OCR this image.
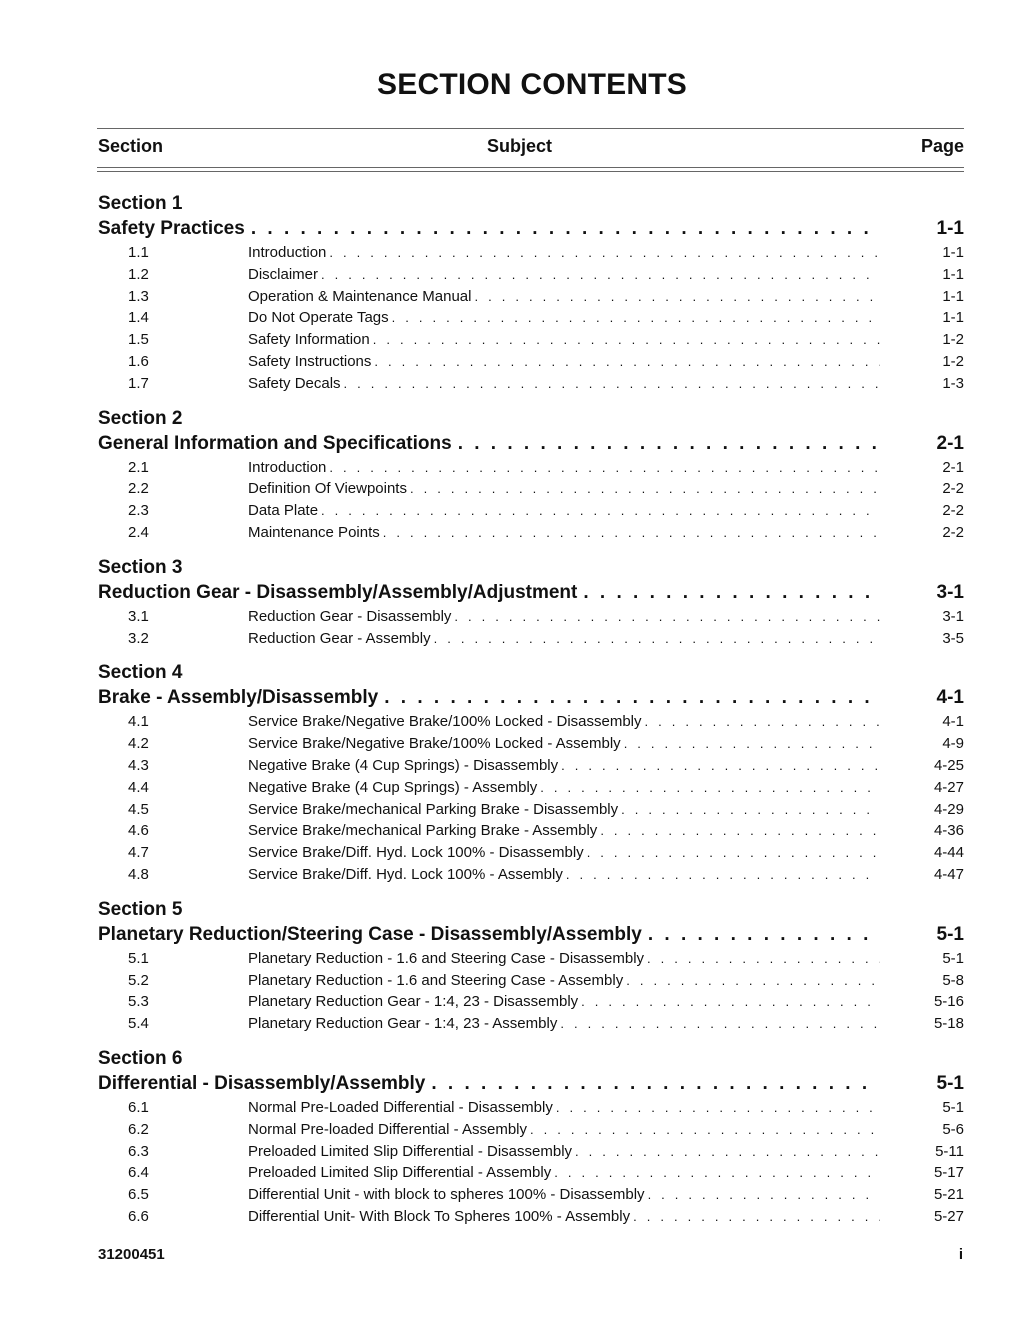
SECTION CONTENTS
Section	Subject	Page
Section 1
Safety Practices . . .	1-1
1.1	Introduction . . .	1-1
1.2	Disclaimer . . .	1-1
1.3	Operation & Maintenance Manual . . .	1-1
1.4	Do Not Operate Tags . . .	1-1
1.5	Safety Information . . .	1-2
1.6	Safety Instructions . . .	1-2
1.7	Safety Decals . . .	1-3
Section 2
General Information and Specifications . . .	2-1
2.1	Introduction . . .	2-1
2.2	Definition Of Viewpoints . . .	2-2
2.3	Data Plate . . .	2-2
2.4	Maintenance Points . . .	2-2
Section 3
Reduction Gear - Disassembly/Assembly/Adjustment . . .	3-1
3.1	Reduction Gear - Disassembly . . .	3-1
3.2	Reduction Gear - Assembly . . .	3-5
Section 4
Brake - Assembly/Disassembly . . .	4-1
4.1	Service Brake/Negative Brake/100% Locked - Disassembly . . .	4-1
4.2	Service Brake/Negative Brake/100% Locked - Assembly . . .	4-9
4.3	Negative Brake (4 Cup Springs) - Disassembly . . .	4-25
4.4	Negative Brake (4 Cup Springs) - Assembly . . .	4-27
4.5	Service Brake/mechanical Parking Brake - Disassembly . . .	4-29
4.6	Service Brake/mechanical Parking Brake - Assembly . . .	4-36
4.7	Service Brake/Diff. Hyd. Lock 100% - Disassembly . . .	4-44
4.8	Service Brake/Diff. Hyd. Lock 100% - Assembly . . .	4-47
Section 5
Planetary Reduction/Steering Case - Disassembly/Assembly . . .	5-1
5.1	Planetary Reduction - 1.6 and Steering Case - Disassembly . . .	5-1
5.2	Planetary Reduction - 1.6 and Steering Case - Assembly . . .	5-8
5.3	Planetary Reduction Gear - 1:4, 23 - Disassembly . . .	5-16
5.4	Planetary Reduction Gear - 1:4, 23 - Assembly . . .	5-18
Section 6
Differential - Disassembly/Assembly . . .	5-1
6.1	Normal Pre-Loaded Differential - Disassembly . . .	5-1
6.2	Normal Pre-loaded Differential - Assembly . . .	5-6
6.3	Preloaded Limited Slip Differential - Disassembly . . .	5-11
6.4	Preloaded Limited Slip Differential - Assembly . . .	5-17
6.5	Differential Unit - with block to spheres 100% - Disassembly . . .	5-21
6.6	Differential Unit- With Block To Spheres 100% - Assembly . . .	5-27
31200451	i
